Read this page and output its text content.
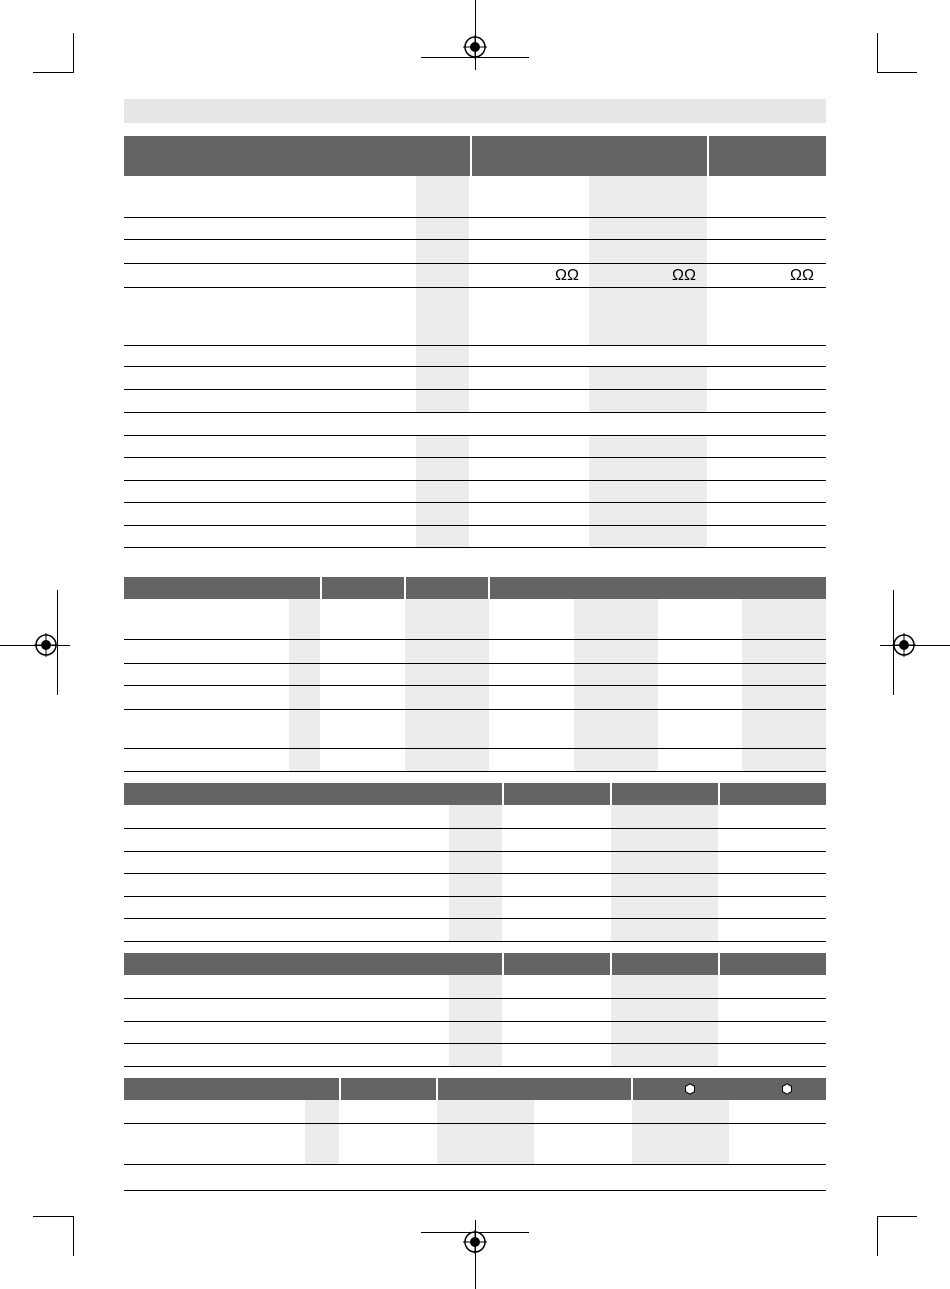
ΩΩ	ΩΩ	ΩΩ
